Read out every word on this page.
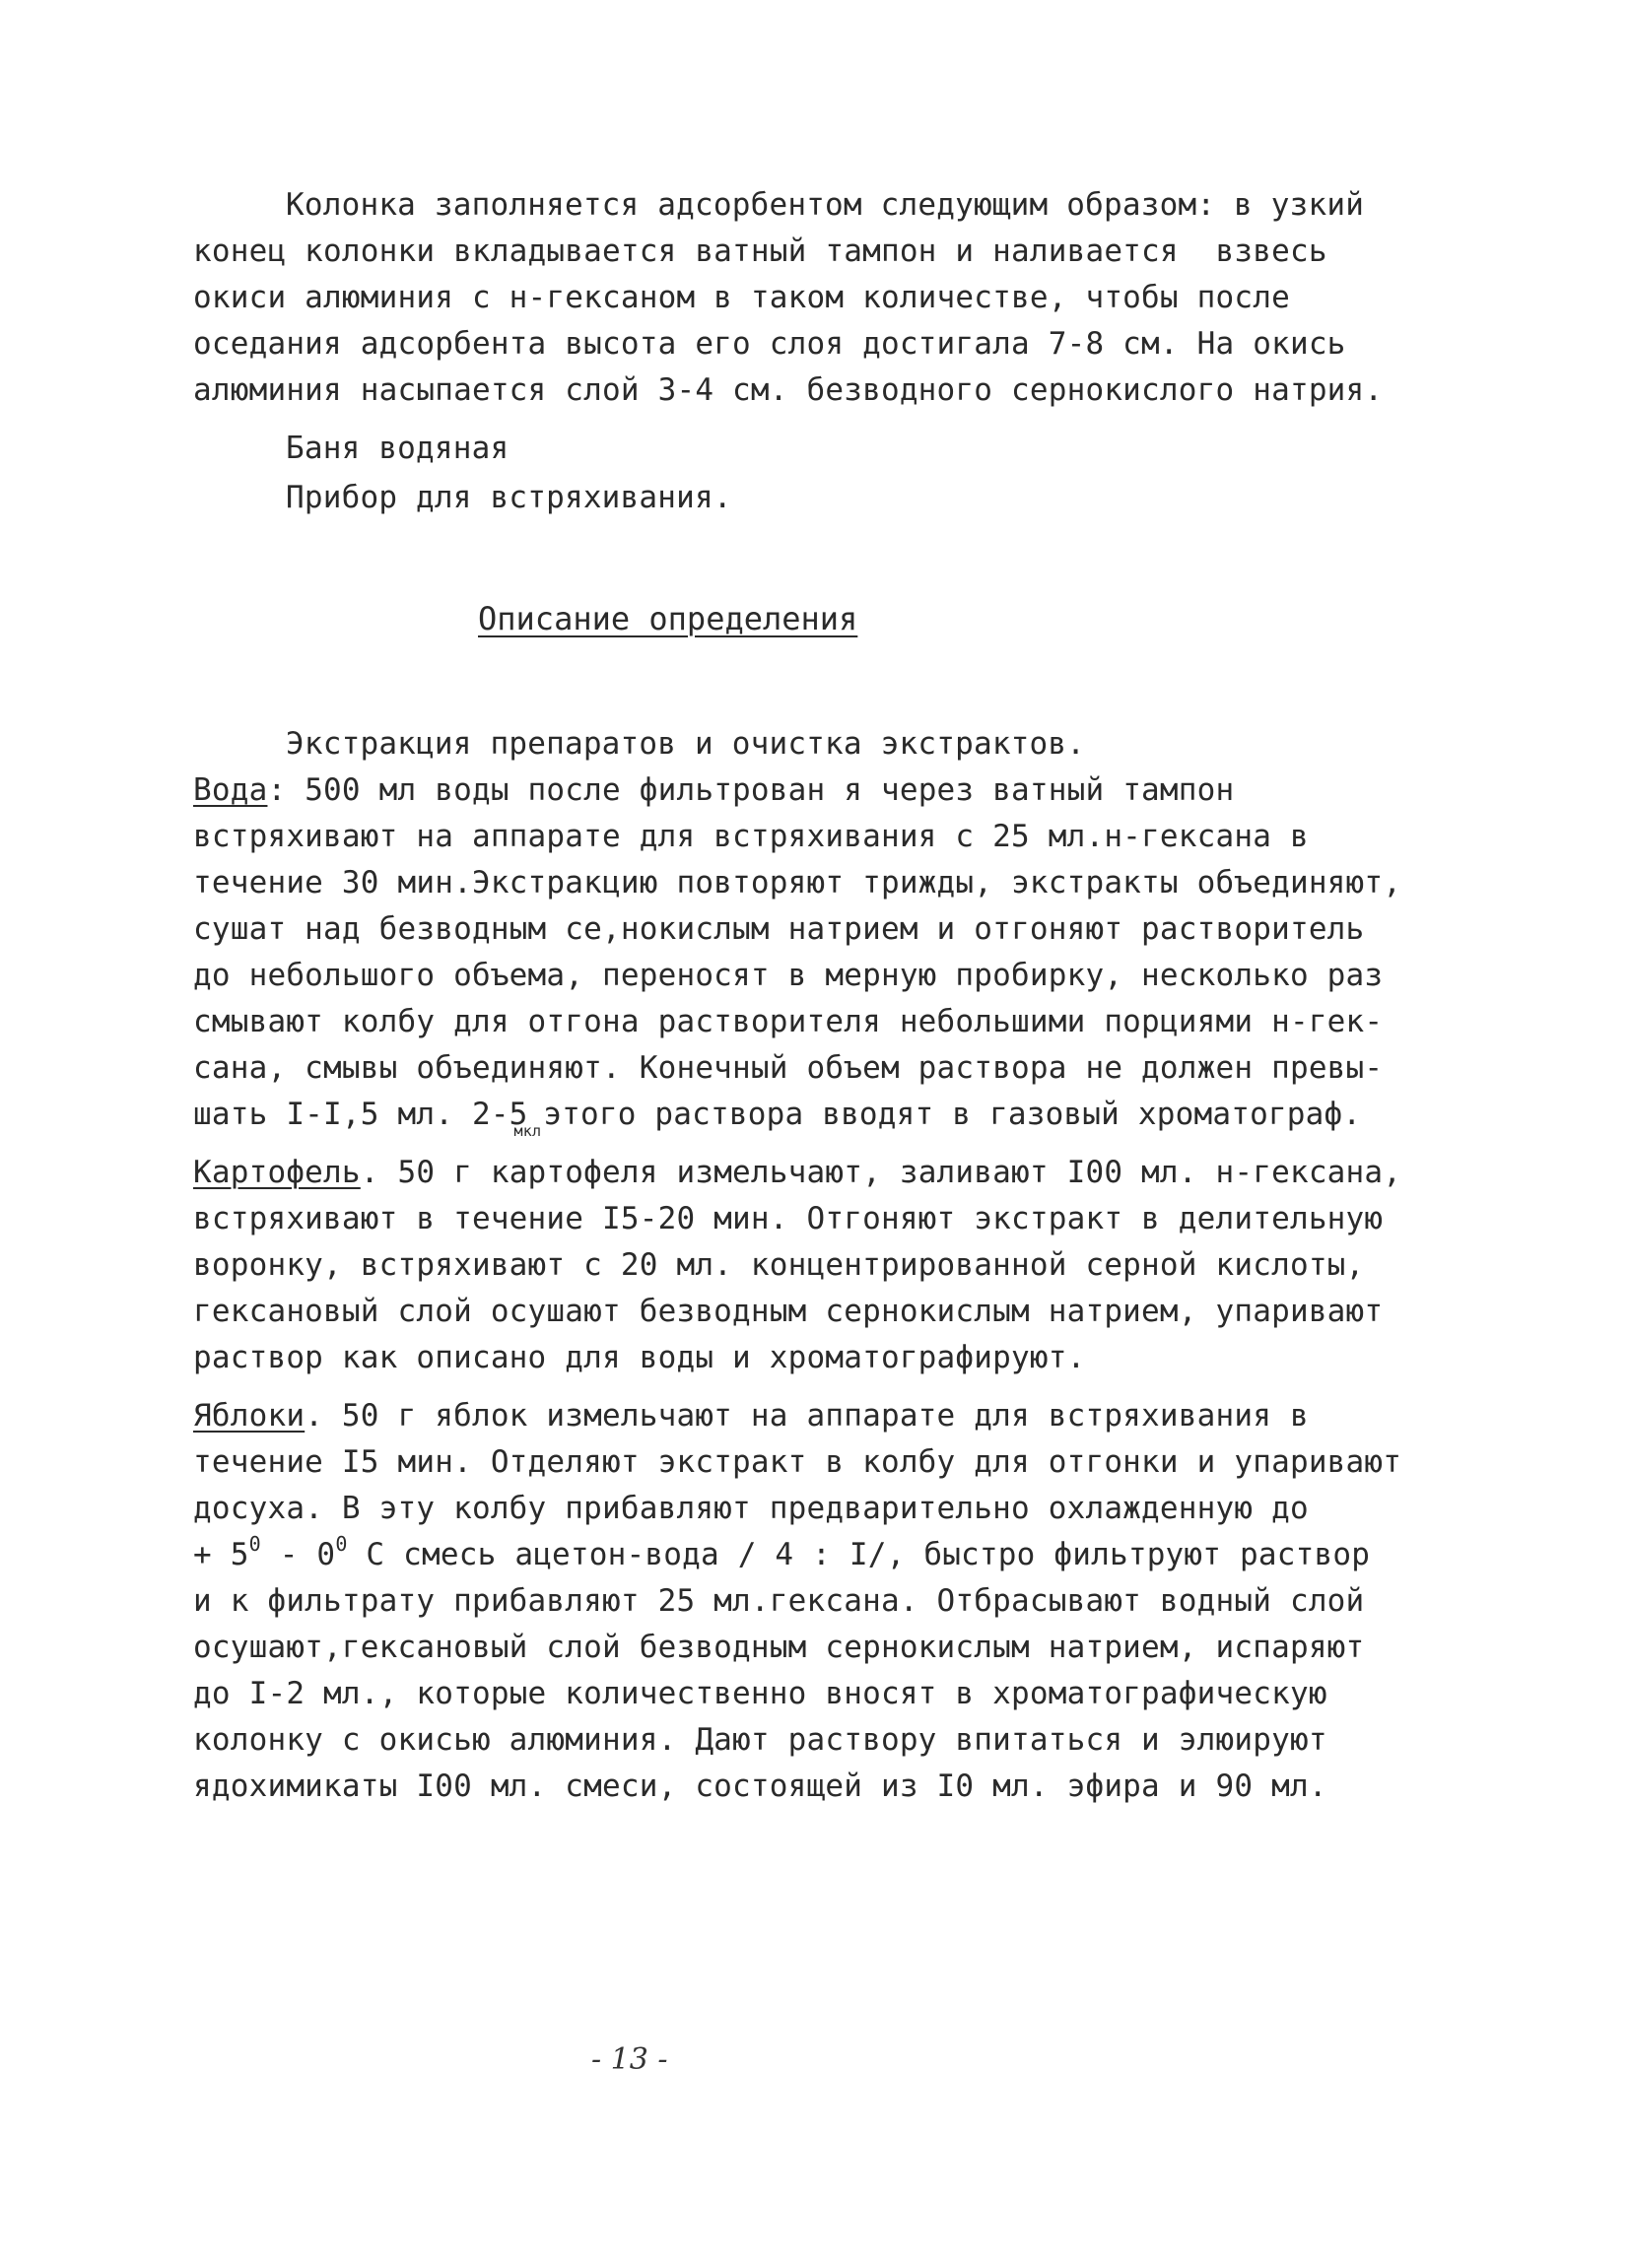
Колонка заполняется адсорбентом следующим образом: в узкий
конец колонки вкладывается ватный тампон и наливается  взвесь
окиси алюминия с н-гексаном в таком количестве, чтобы после
оседания адсорбента высота его слоя достигала 7-8 см. На окись
алюминия насыпается слой 3-4 см. безводного сернокислого натрия.
Баня водяная
Прибор для встряхивания.
Описание определения
Экстракция препаратов и очистка экстрактов.
Вода: 500 мл воды после фильтрован я через ватный тампон
встряхивают на аппарате для встряхивания с 25 мл.н-гексана в
течение 30 мин.Экстракцию повторяют трижды, экстракты объединяют,
сушат над безводным се,нокислым натрием и отгоняют растворитель
до небольшого объема, переносят в мерную пробирку, несколько раз
смывают колбу для отгона растворителя небольшими порциями н-гек-
сана, смывы объединяют. Конечный объем раствора не должен превы-
шать I-I,5 мл. $2-5_{мкл}этого$ раствора вводят в газовый хроматограф.
Картофель. 50 г картофеля измельчают, заливают I00 мл. н-гексана,
встряхивают в течение I5-20 мин. Отгоняют экстракт в делительную
воронку, встряхивают с 20 мл. концентрированной серной кислоты,
гексановый слой осушают безводным сернокислым натрием, упаривают
раствор как описано для воды и хроматографируют.
Яблоки. 50 г яблок измельчают на аппарате для встряхивания в
течение I5 мин. Отделяют экстракт в колбу для отгонки и упаривают
досуха. В эту колбу прибавляют предварительно охлажденную до
+ $5^0 - 0^0$ С смесь ацетон-вода / 4 : I/, быстро фильтруют раствор
и к фильтрату прибавляют 25 мл.гексана. Отбрасывают водный слой
осушают,гексановый слой безводным сернокислым натрием, испаряют
до I-2 мл., которые количественно вносят в хроматографическую
колонку с окисью алюминия. Дают раствору впитаться и элюируют
ядохимикаты I00 мл. смеси, состоящей из I0 мл. эфира и 90 мл.
- 13 -
